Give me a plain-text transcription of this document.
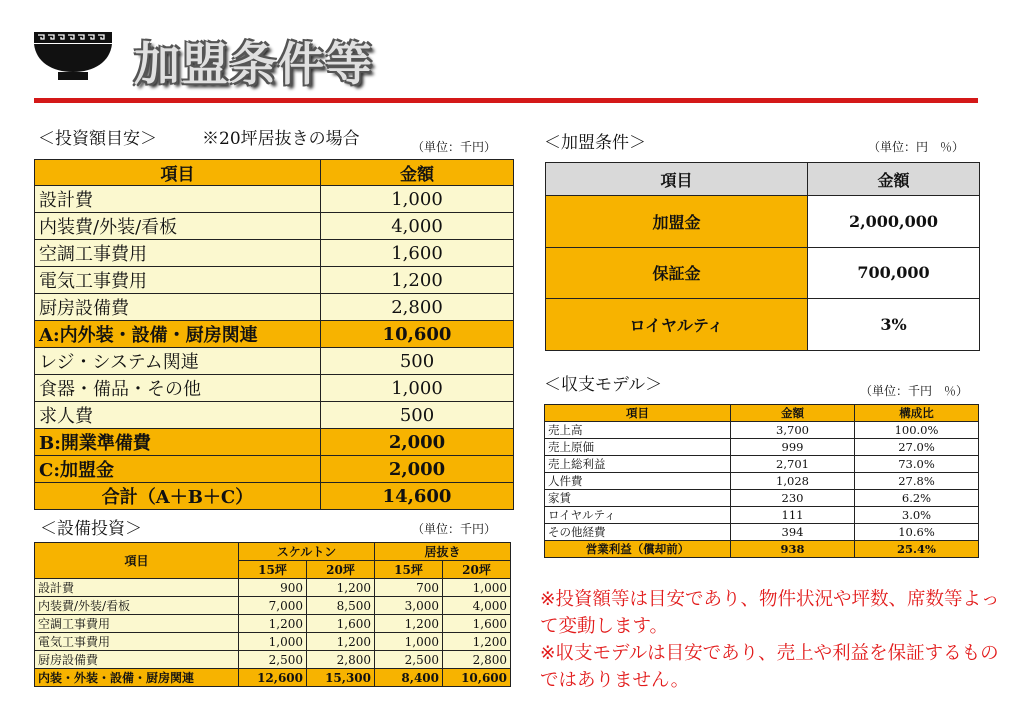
加盟条件等
＜投資額目安＞	※20坪居抜きの場合	（単位：千円）
項目	金額
設計費	1,000
内装費/外装/看板	4,000
空調工事費用	1,600
電気工事費用	1,200
厨房設備費	2,800
A:内外装・設備・厨房関連	10,600
レジ・システム関連	500
食器・備品・その他	1,000
求人費	500
B:開業準備費	2,000
C:加盟金	2,000
合計（A＋B＋C）	14,600
＜加盟条件＞	（単位：円　％）
項目	金額
加盟金	2,000,000
保証金	700,000
ロイヤルティ	3%
＜収支モデル＞	（単位：千円　％）
項目	金額	構成比
売上高	3,700	100.0%
売上原価	999	27.0%
売上総利益	2,701	73.0%
人件費	1,028	27.8%
家賃	230	6.2%
ロイヤルティ	111	3.0%
その他経費	394	10.6%
営業利益（償却前）	938	25.4%
＜設備投資＞	（単位：千円）
項目	スケルトン		居抜き	
	15坪	20坪	15坪	20坪
設計費	900	1,200	700	1,000
内装費/外装/看板	7,000	8,500	3,000	4,000
空調工事費用	1,200	1,600	1,200	1,600
電気工事費用	1,000	1,200	1,000	1,200
厨房設備費	2,500	2,800	2,500	2,800
内装・外装・設備・厨房関連	12,600	15,300	8,400	10,600
※投資額等は目安であり、物件状況や坪数、席数等よって変動します。
※収支モデルは目安であり、売上や利益を保証するものではありません。
